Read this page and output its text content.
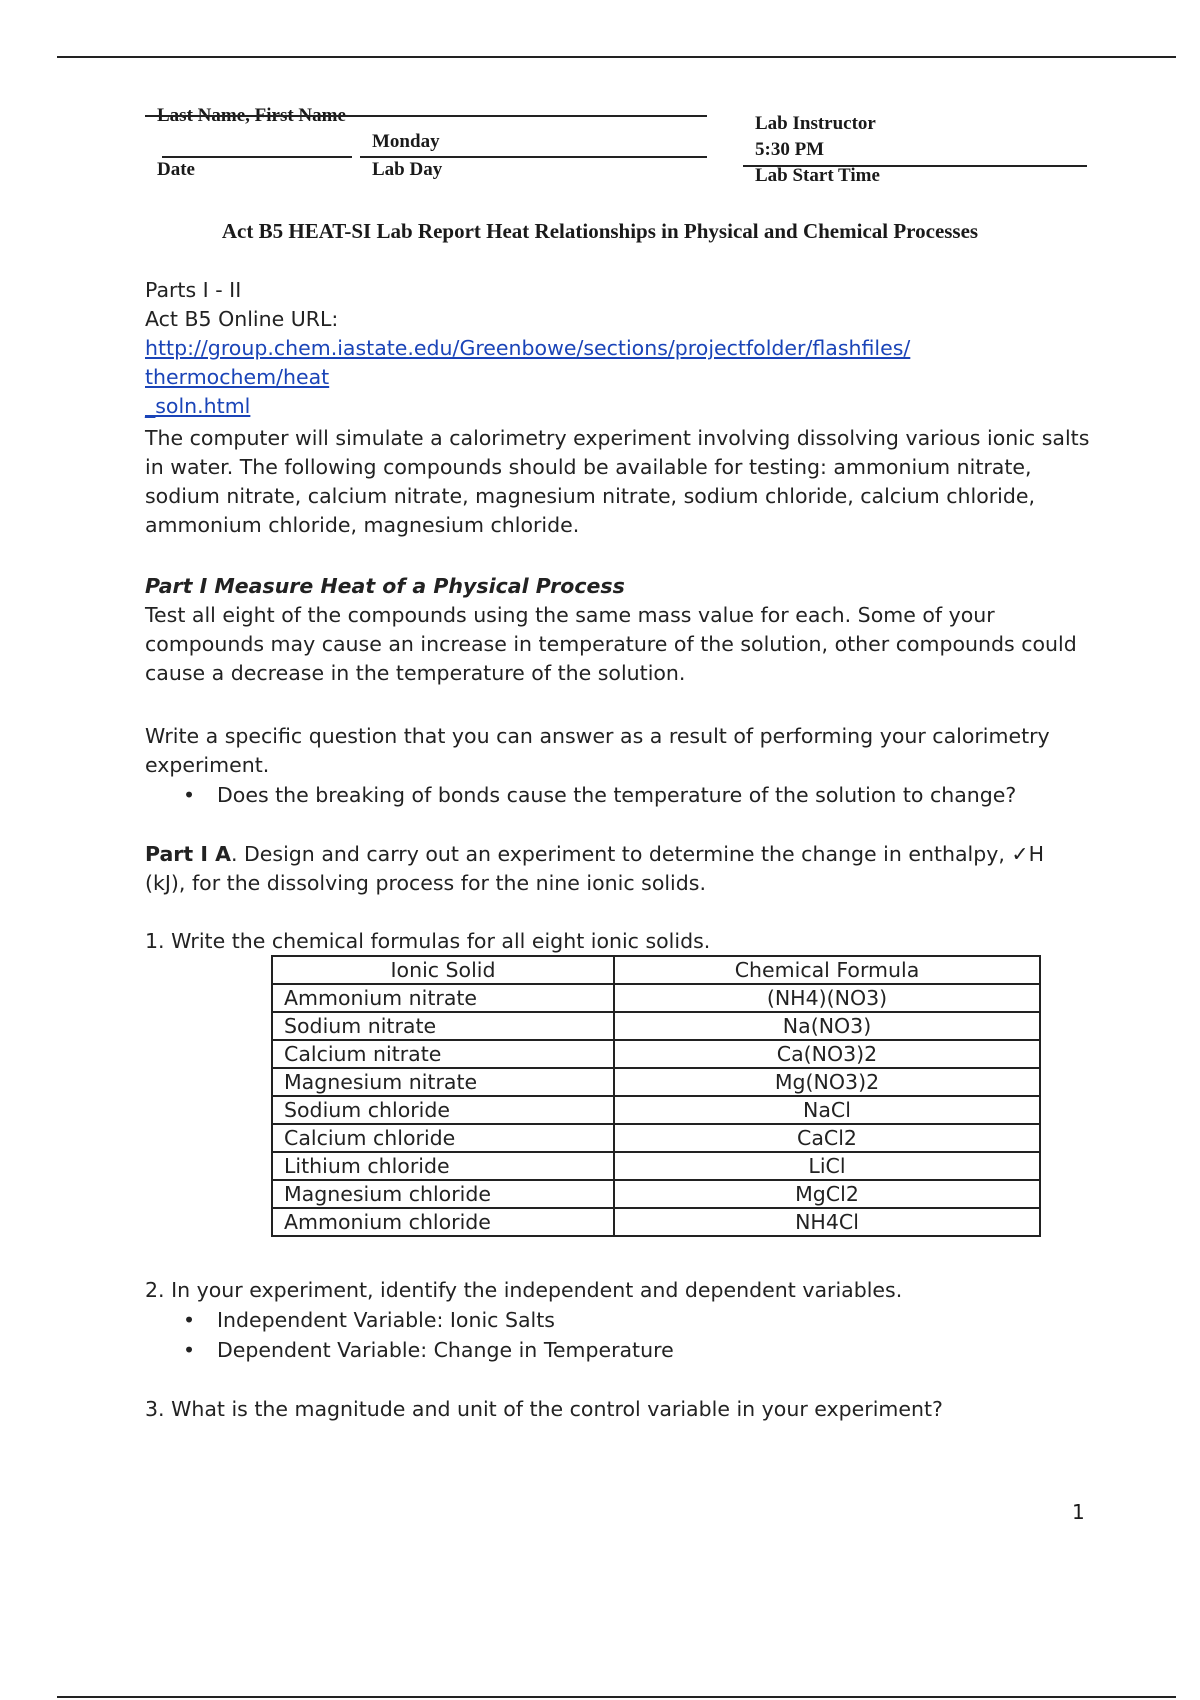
Last Name, First Name
Monday
Date	Lab Day
Lab Instructor
5:30 PM
Lab Start Time
Act B5 HEAT-SI Lab Report Heat Relationships in Physical and Chemical Processes

Parts I - II

Act B5 Online URL: http://group.chem.iastate.edu/Greenbowe/sections/projectfolder/flashfiles/

thermochem/heat

_soln.html

The computer will simulate a calorimetry experiment involving dissolving various ionic salts in water. The following compounds should be available for testing: ammonium nitrate, sodium nitrate, calcium nitrate, magnesium nitrate, sodium chloride, calcium chloride, ammonium chloride, magnesium chloride.

Part I Measure Heat of a Physical Process

Test all eight of the compounds using the same mass value for each. Some of your compounds may cause an increase in temperature of the solution, other compounds could cause a decrease in the temperature of the solution.

Write a specific question that you can answer as a result of performing your calorimetry experiment.

• Does the breaking of bonds cause the temperature of the solution to change?

Part I A. Design and carry out an experiment to determine the change in enthalpy, ✓H (kJ), for the dissolving process for the nine ionic solids.

1. Write the chemical formulas for all eight ionic solids.

Ionic Solid	Chemical Formula
Ammonium nitrate	(NH4)(NO3)
Sodium nitrate	Na(NO3)
Calcium nitrate	Ca(NO3)2
Magnesium nitrate	Mg(NO3)2
Sodium chloride	NaCl
Calcium chloride	CaCl2
Lithium chloride	LiCl
Magnesium chloride	MgCl2
Ammonium chloride	NH4Cl

2. In your experiment, identify the independent and dependent variables.

• Independent Variable: Ionic Salts
• Dependent Variable: Change in Temperature

3. What is the magnitude and unit of the control variable in your experiment?

1
